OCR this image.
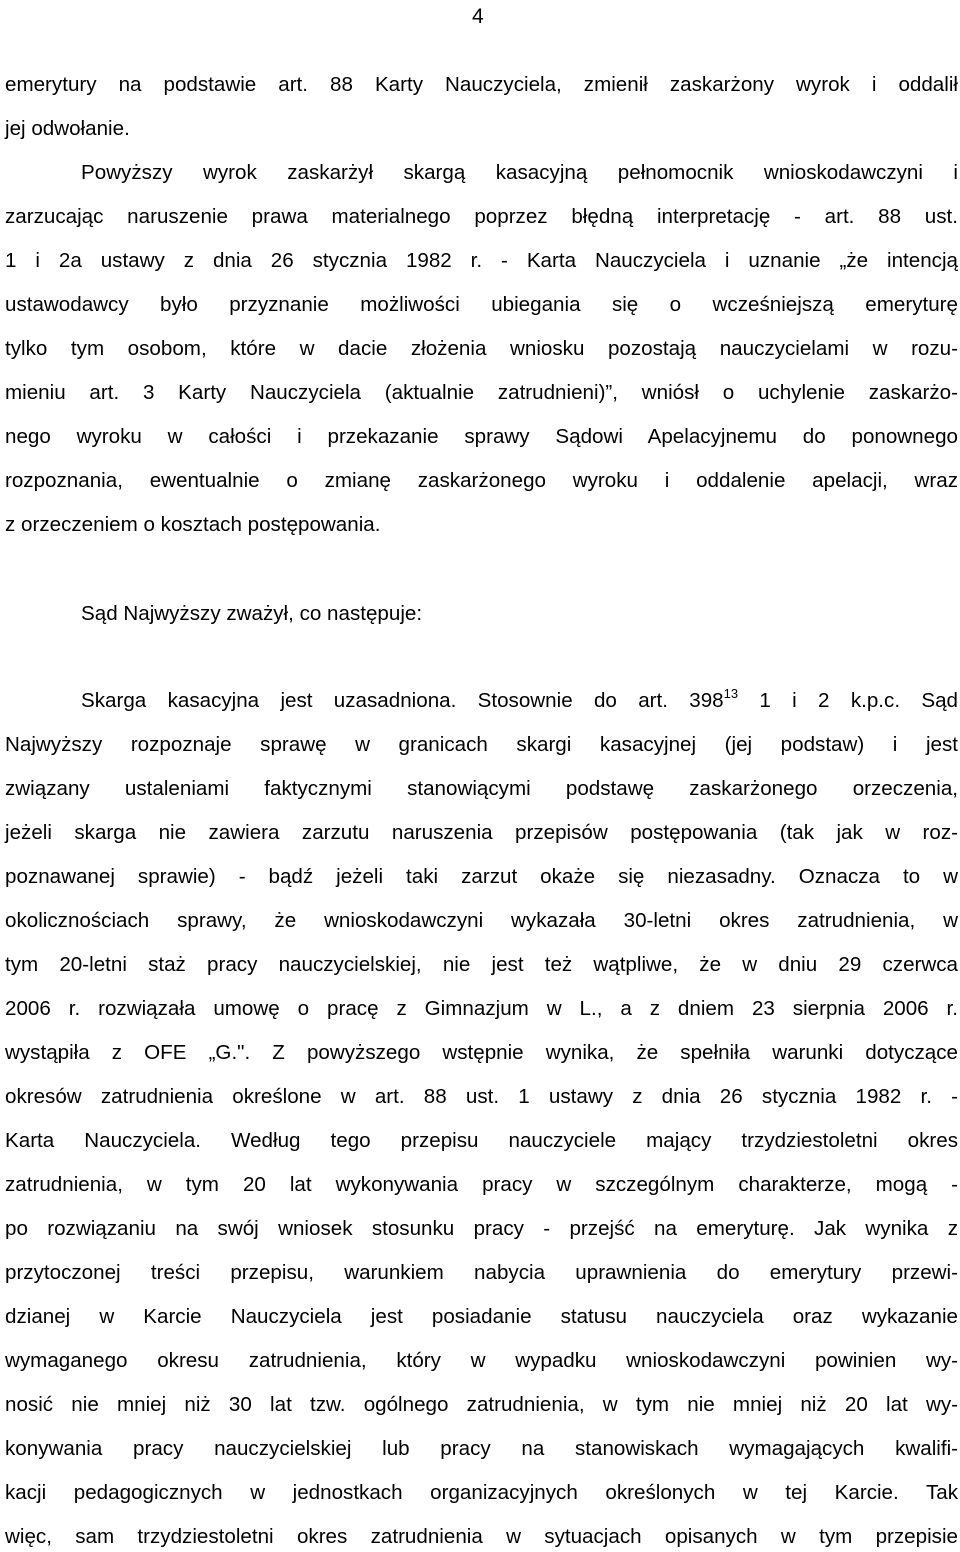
4
emerytury na podstawie art. 88 Karty Nauczyciela, zmienił zaskarżony wyrok i oddalił
jej odwołanie.
Powyższy wyrok zaskarżył skargą kasacyjną pełnomocnik wnioskodawczyni i
zarzucając naruszenie prawa materialnego poprzez błędną interpretację - art. 88 ust.
1 i 2a ustawy z dnia 26 stycznia 1982 r. - Karta Nauczyciela i uznanie „że intencją
ustawodawcy było przyznanie możliwości ubiegania się o wcześniejszą emeryturę
tylko tym osobom, które w dacie złożenia wniosku pozostają nauczycielami w rozu-
mieniu art. 3 Karty Nauczyciela (aktualnie zatrudnieni)”, wniósł o uchylenie zaskarżo-
nego wyroku w całości i przekazanie sprawy Sądowi Apelacyjnemu do ponownego
rozpoznania, ewentualnie o zmianę zaskarżonego wyroku i oddalenie apelacji, wraz
z orzeczeniem o kosztach postępowania.
Sąd Najwyższy zważył, co następuje:
Skarga kasacyjna jest uzasadniona. Stosownie do art. $398^{13}$ 1 i 2 k.p.c. Sąd
Najwyższy rozpoznaje sprawę w granicach skargi kasacyjnej (jej podstaw) i jest
związany ustaleniami faktycznymi stanowiącymi podstawę zaskarżonego orzeczenia,
jeżeli skarga nie zawiera zarzutu naruszenia przepisów postępowania (tak jak w roz-
poznawanej sprawie) - bądź jeżeli taki zarzut okaże się niezasadny. Oznacza to w
okolicznościach sprawy, że wnioskodawczyni wykazała 30-letni okres zatrudnienia, w
tym 20-letni staż pracy nauczycielskiej, nie jest też wątpliwe, że w dniu 29 czerwca
2006 r. rozwiązała umowę o pracę z Gimnazjum w L., a z dniem 23 sierpnia 2006 r.
wystąpiła z OFE „G.". Z powyższego wstępnie wynika, że spełniła warunki dotyczące
okresów zatrudnienia określone w art. 88 ust. 1 ustawy z dnia 26 stycznia 1982 r. -
Karta Nauczyciela. Według tego przepisu nauczyciele mający trzydziestoletni okres
zatrudnienia, w tym 20 lat wykonywania pracy w szczególnym charakterze, mogą -
po rozwiązaniu na swój wniosek stosunku pracy - przejść na emeryturę. Jak wynika z
przytoczonej treści przepisu, warunkiem nabycia uprawnienia do emerytury przewi-
dzianej w Karcie Nauczyciela jest posiadanie statusu nauczyciela oraz wykazanie
wymaganego okresu zatrudnienia, który w wypadku wnioskodawczyni powinien wy-
nosić nie mniej niż 30 lat tzw. ogólnego zatrudnienia, w tym nie mniej niż 20 lat wy-
konywania pracy nauczycielskiej lub pracy na stanowiskach wymagających kwalifi-
kacji pedagogicznych w jednostkach organizacyjnych określonych w tej Karcie. Tak
więc, sam trzydziestoletni okres zatrudnienia w sytuacjach opisanych w tym przepisie
